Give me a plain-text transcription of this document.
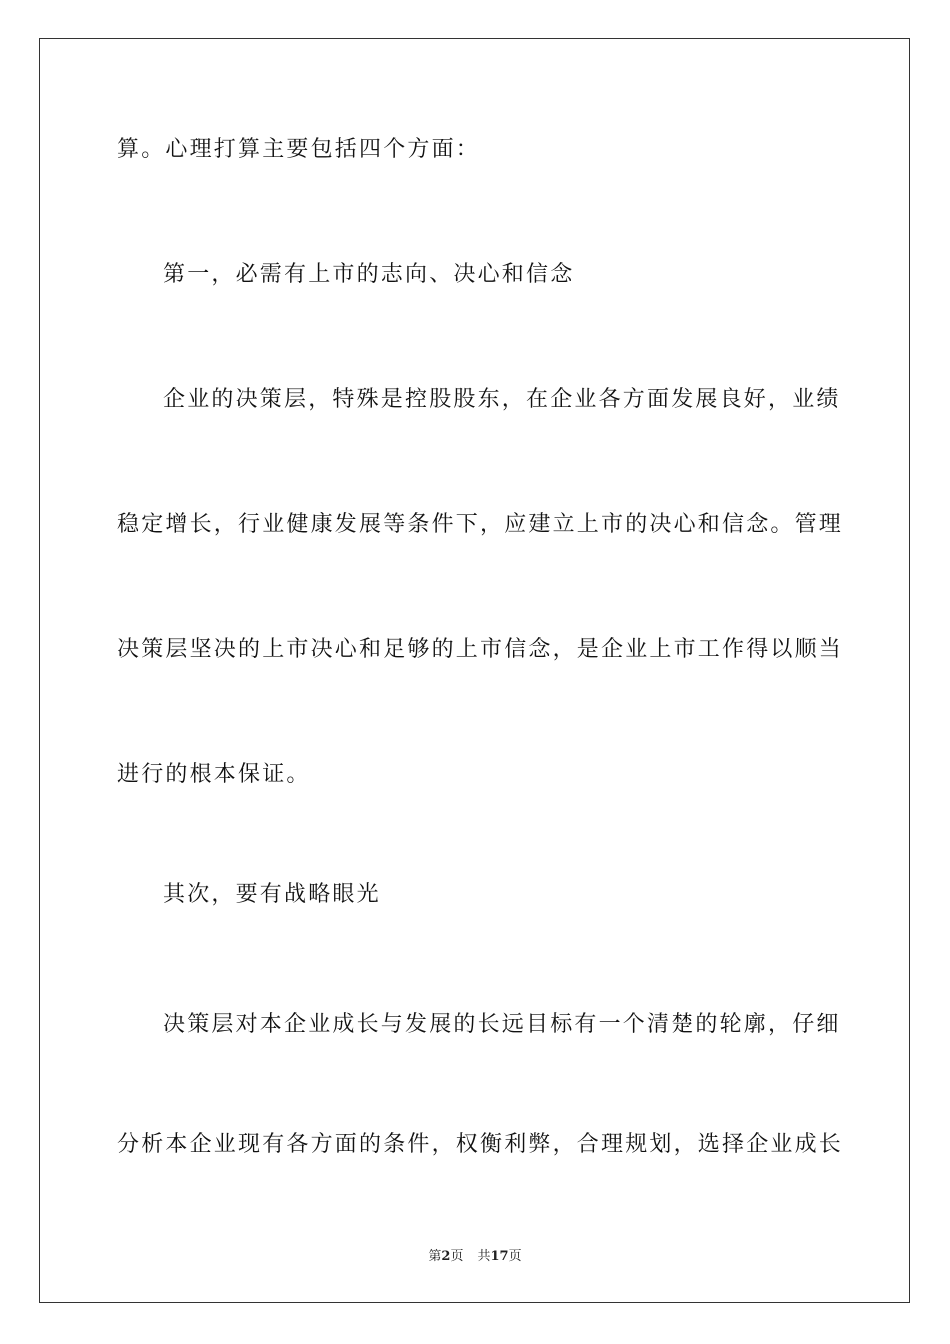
算。心理打算主要包括四个方面：
第一，必需有上市的志向、决心和信念
企业的决策层，特殊是控股股东，在企业各方面发展良好，业绩
稳定增长，行业健康发展等条件下，应建立上市的决心和信念。管理
决策层坚决的上市决心和足够的上市信念，是企业上市工作得以顺当
进行的根本保证。
其次，要有战略眼光
决策层对本企业成长与发展的长远目标有一个清楚的轮廓，仔细
分析本企业现有各方面的条件，权衡利弊，合理规划，选择企业成长
第2页 共17页
